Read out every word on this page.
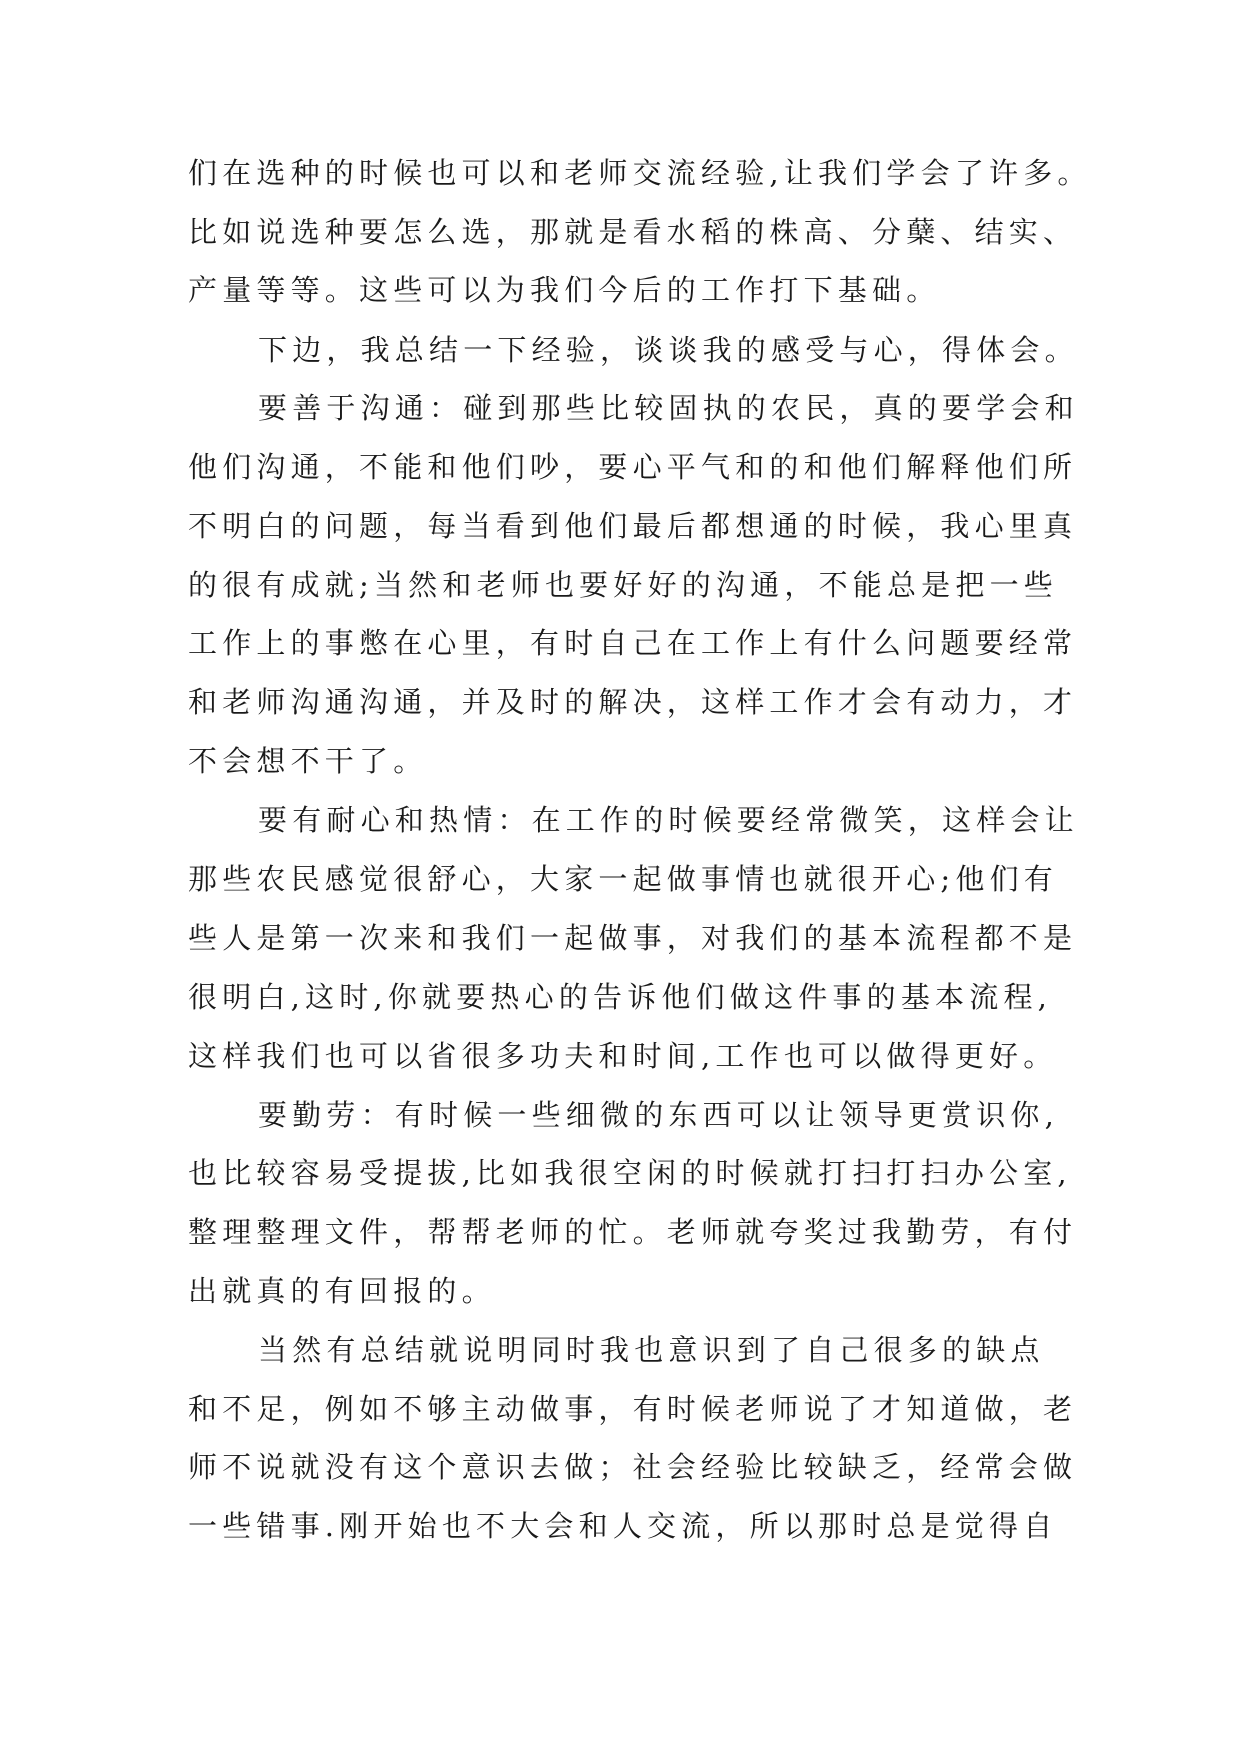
们在选种的时候也可以和老师交流经验,让我们学会了许多。
比如说选种要怎么选，那就是看水稻的株高、分蘖、结实、
产量等等。这些可以为我们今后的工作打下基础。
下边，我总结一下经验，谈谈我的感受与心，得体会。
要善于沟通：碰到那些比较固执的农民，真的要学会和
他们沟通，不能和他们吵，要心平气和的和他们解释他们所
不明白的问题，每当看到他们最后都想通的时候，我心里真
的很有成就;当然和老师也要好好的沟通，不能总是把一些
工作上的事憋在心里，有时自己在工作上有什么问题要经常
和老师沟通沟通，并及时的解决，这样工作才会有动力，才
不会想不干了。
要有耐心和热情：在工作的时候要经常微笑，这样会让
那些农民感觉很舒心，大家一起做事情也就很开心;他们有
些人是第一次来和我们一起做事，对我们的基本流程都不是
很明白,这时,你就要热心的告诉他们做这件事的基本流程,
这样我们也可以省很多功夫和时间,工作也可以做得更好。
要勤劳：有时候一些细微的东西可以让领导更赏识你,
也比较容易受提拔,比如我很空闲的时候就打扫打扫办公室,
整理整理文件，帮帮老师的忙。老师就夸奖过我勤劳，有付
出就真的有回报的。
当然有总结就说明同时我也意识到了自己很多的缺点
和不足，例如不够主动做事，有时候老师说了才知道做，老
师不说就没有这个意识去做；社会经验比较缺乏，经常会做
一些错事.刚开始也不大会和人交流，所以那时总是觉得自
